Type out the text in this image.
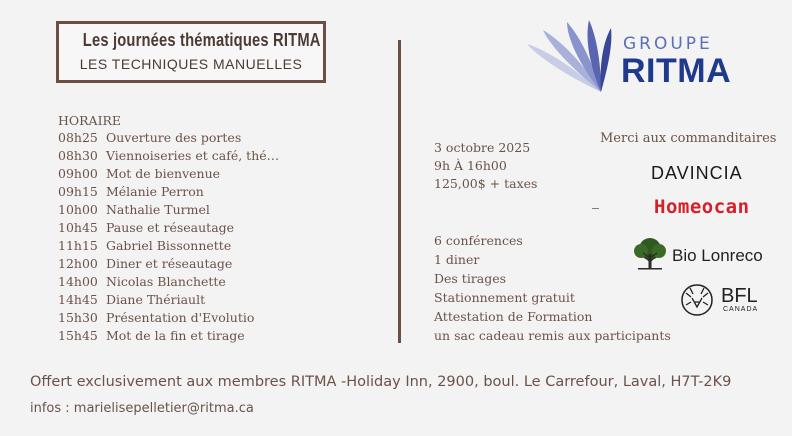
Les journées thématiques RITMA
LES TECHNIQUES MANUELLES
HORAIRE
08h25 Ouverture des portes
08h30 Viennoiseries et café, thé…
09h00 Mot de bienvenue
09h15 Mélanie Perron
10h00 Nathalie Turmel
10h45 Pause et réseautage
11h15 Gabriel Bissonnette
12h00 Diner et réseautage
14h00 Nicolas Blanchette
14h45 Diane Thériault
15h30 Présentation d'Evolutio
15h45 Mot de la fin et tirage
3 octobre 2025
9h À 16h00
125,00$ + taxes
6 conférences
1 diner
Des tirages
Stationnement gratuit
Attestation de Formation
un sac cadeau remis aux participants
GROUPE
RITMA
Merci aux commanditaires
DAVINCIA
Homeocan
Bio Lonreco
BFL
CANADA
Offert exclusivement aux membres RITMA -Holiday Inn, 2900, boul. Le Carrefour, Laval, H7T-2K9
infos : marielisepelletier@ritma.ca
